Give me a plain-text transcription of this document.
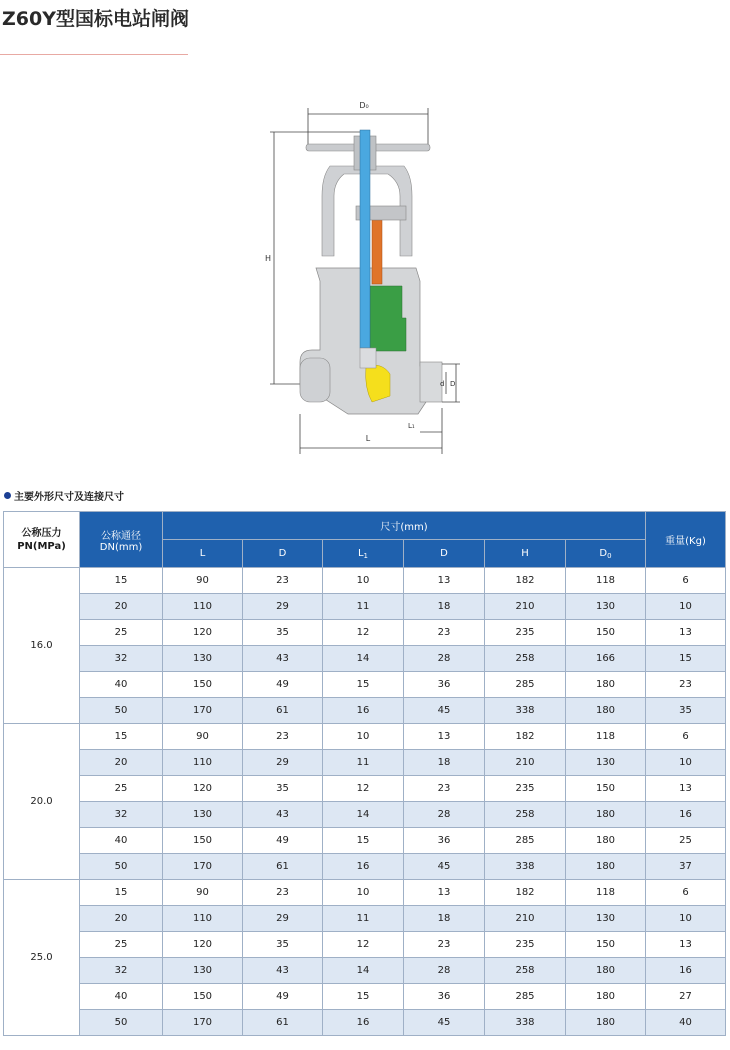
Z60Y型国标电站闸阀
D₀
H
d D
L₁
L
主要外形尺寸及连接尺寸
公称压力PN(MPa)	公称通径DN(mm)	尺寸(mm)						重量(Kg)
		L	D	$L_1$	D	H	$D_0$
16.0	15	90	23	10	13	182	118	6
	20	110	29	11	18	210	130	10
	25	120	35	12	23	235	150	13
	32	130	43	14	28	258	166	15
	40	150	49	15	36	285	180	23
	50	170	61	16	45	338	180	35
20.0	15	90	23	10	13	182	118	6
	20	110	29	11	18	210	130	10
	25	120	35	12	23	235	150	13
	32	130	43	14	28	258	180	16
	40	150	49	15	36	285	180	25
	50	170	61	16	45	338	180	37
25.0	15	90	23	10	13	182	118	6
	20	110	29	11	18	210	130	10
	25	120	35	12	23	235	150	13
	32	130	43	14	28	258	180	16
	40	150	49	15	36	285	180	27
	50	170	61	16	45	338	180	40
